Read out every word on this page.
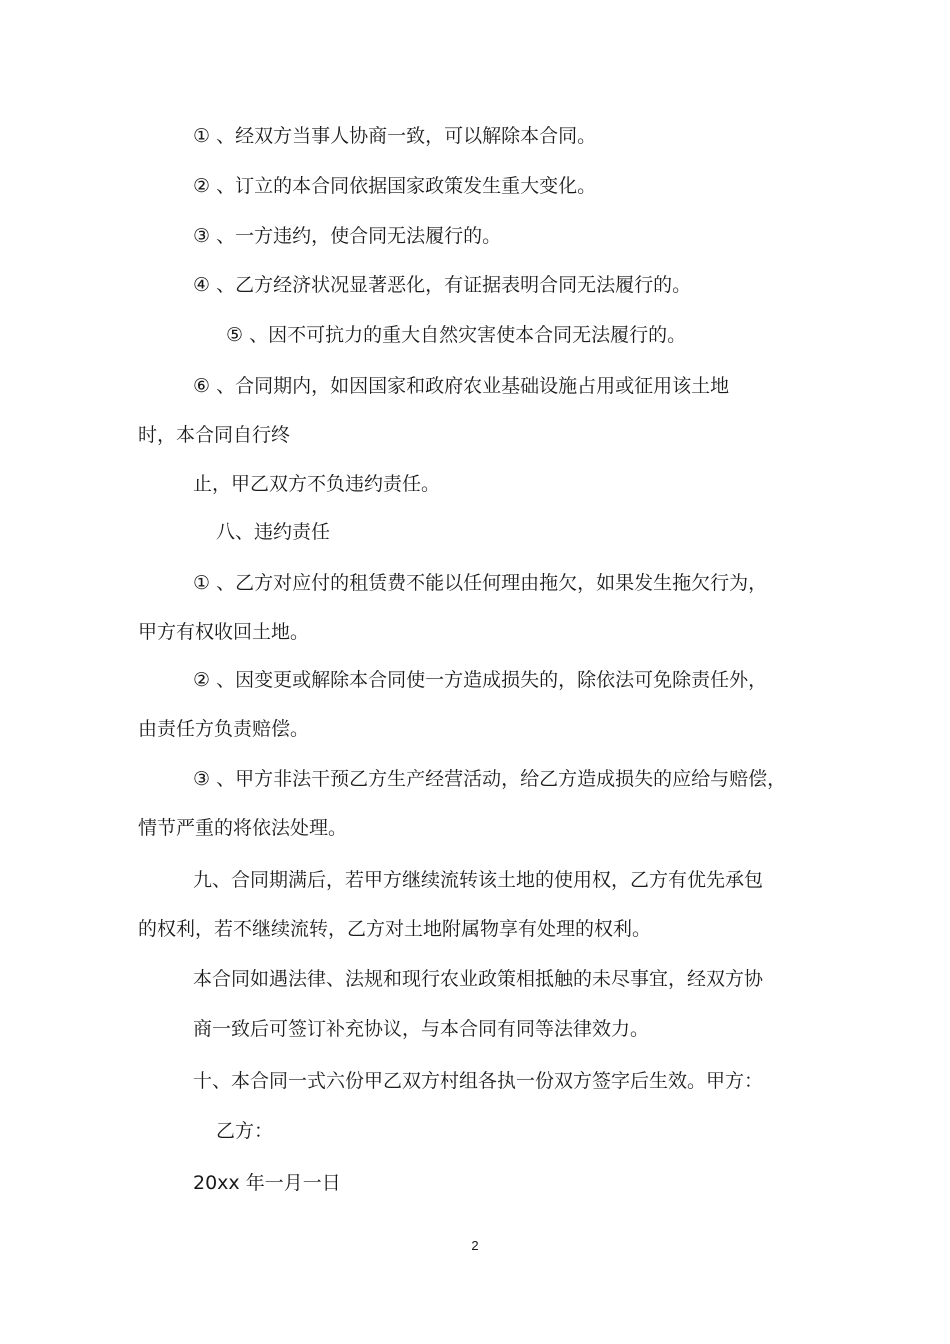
① 、经双方当事人协商一致，可以解除本合同。
② 、订立的本合同依据国家政策发生重大变化。
③ 、一方违约，使合同无法履行的。
④ 、乙方经济状况显著恶化，有证据表明合同无法履行的。
⑤ 、因不可抗力的重大自然灾害使本合同无法履行的。
⑥ 、合同期内，如因国家和政府农业基础设施占用或征用该土地
时，本合同自行终
止，甲乙双方不负违约责任。
八、违约责任
① 、乙方对应付的租赁费不能以任何理由拖欠，如果发生拖欠行为，
甲方有权收回土地。
② 、因变更或解除本合同使一方造成损失的，除依法可免除责任外，
由责任方负责赔偿。
③ 、甲方非法干预乙方生产经营活动，给乙方造成损失的应给与赔偿，
情节严重的将依法处理。
九、合同期满后，若甲方继续流转该土地的使用权，乙方有优先承包
的权利，若不继续流转，乙方对土地附属物享有处理的权利。
本合同如遇法律、法规和现行农业政策相抵触的未尽事宜，经双方协
商一致后可签订补充协议，与本合同有同等法律效力。
十、本合同一式六份甲乙双方村组各执一份双方签字后生效。甲方：
乙方：
20xx 年一月一日
2
